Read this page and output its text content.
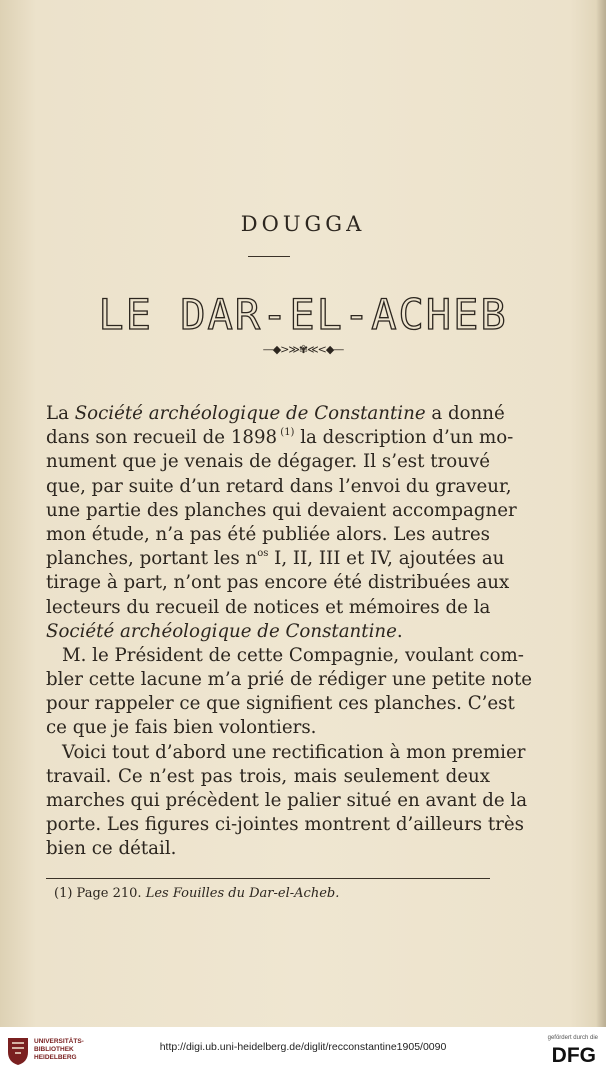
DOUGGA
LE DAR-EL-ACHEB
—◆>≫✾≪<◆—
La Société archéologique de Constantine a donné
dans son recueil de 1898 $^{(1)}$ la description d’un mo-
nument que je venais de dégager. Il s’est trouvé
que, par suite d’un retard dans l’envoi du graveur,
une partie des planches qui devaient accompagner
mon étude, n’a pas été publiée alors. Les autres
planches, portant les $n^{os}$ I, II, III et IV, ajoutées au
tirage à part, n’ont pas encore été distribuées aux
lecteurs du recueil de notices et mémoires de la
Société archéologique de Constantine.
M. le Président de cette Compagnie, voulant com-
bler cette lacune m’a prié de rédiger une petite note
pour rappeler ce que signifient ces planches. C’est
ce que je fais bien volontiers.
Voici tout d’abord une rectification à mon premier
travail. Ce n’est pas trois, mais seulement deux
marches qui précèdent le palier situé en avant de la
porte. Les figures ci-jointes montrent d’ailleurs très
bien ce détail.
(1) Page 210. Les Fouilles du Dar-el-Acheb.
UNIVERSITÄTS-
BIBLIOTHEK
HEIDELBERG
http://digi.ub.uni-heidelberg.de/diglit/recconstantine1905/0090
gefördert durch die
DFG
